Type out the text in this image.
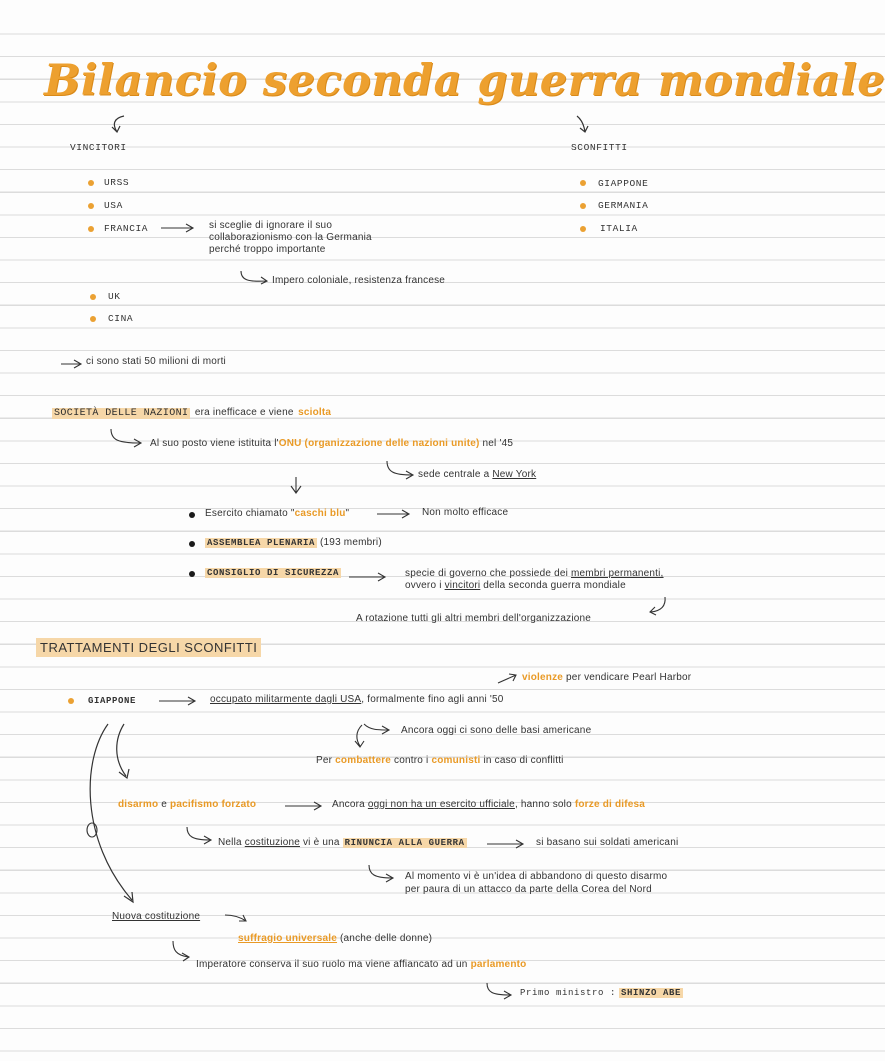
Bilancio seconda guerra mondiale
VINCITORI	SCONFITTI
URSS
USA
FRANCIA	si sceglie di ignorare il suo
collaborazionismo con la Germania
perché troppo importante
Impero coloniale, resistenza francese
UK
CINA
GIAPPONE
GERMANIA
ITALIA
ci sono stati 50 milioni di morti
SOCIETÀ DELLE NAZIONI era inefficace e viene sciolta
Al suo posto viene istituita l'ONU (organizzazione delle nazioni unite) nel '45
sede centrale a New York
Esercito chiamato "caschi blu"	Non molto efficace
ASSEMBLEA PLENARIA (193 membri)
CONSIGLIO DI SICUREZZA	specie di governo che possiede dei membri permanenti,
ovvero i vincitori della seconda guerra mondiale
A rotazione tutti gli altri membri dell'organizzazione
TRATTAMENTI DEGLI SCONFITTI
violenze per vendicare Pearl Harbor
GIAPPONE	occupato militarmente dagli USA, formalmente fino agli anni '50
Ancora oggi ci sono delle basi americane
Per combattere contro i comunisti in caso di conflitti
disarmo e pacifismo forzato	Ancora oggi non ha un esercito ufficiale, hanno solo forze di difesa
Nella costituzione vi è una RINUNCIA ALLA GUERRA	si basano sui soldati americani
Al momento vi è un'idea di abbandono di questo disarmo
per paura di un attacco da parte della Corea del Nord
Nuova costituzione
suffragio universale (anche delle donne)
Imperatore conserva il suo ruolo ma viene affiancato ad un parlamento
Primo ministro : SHINZO ABE
